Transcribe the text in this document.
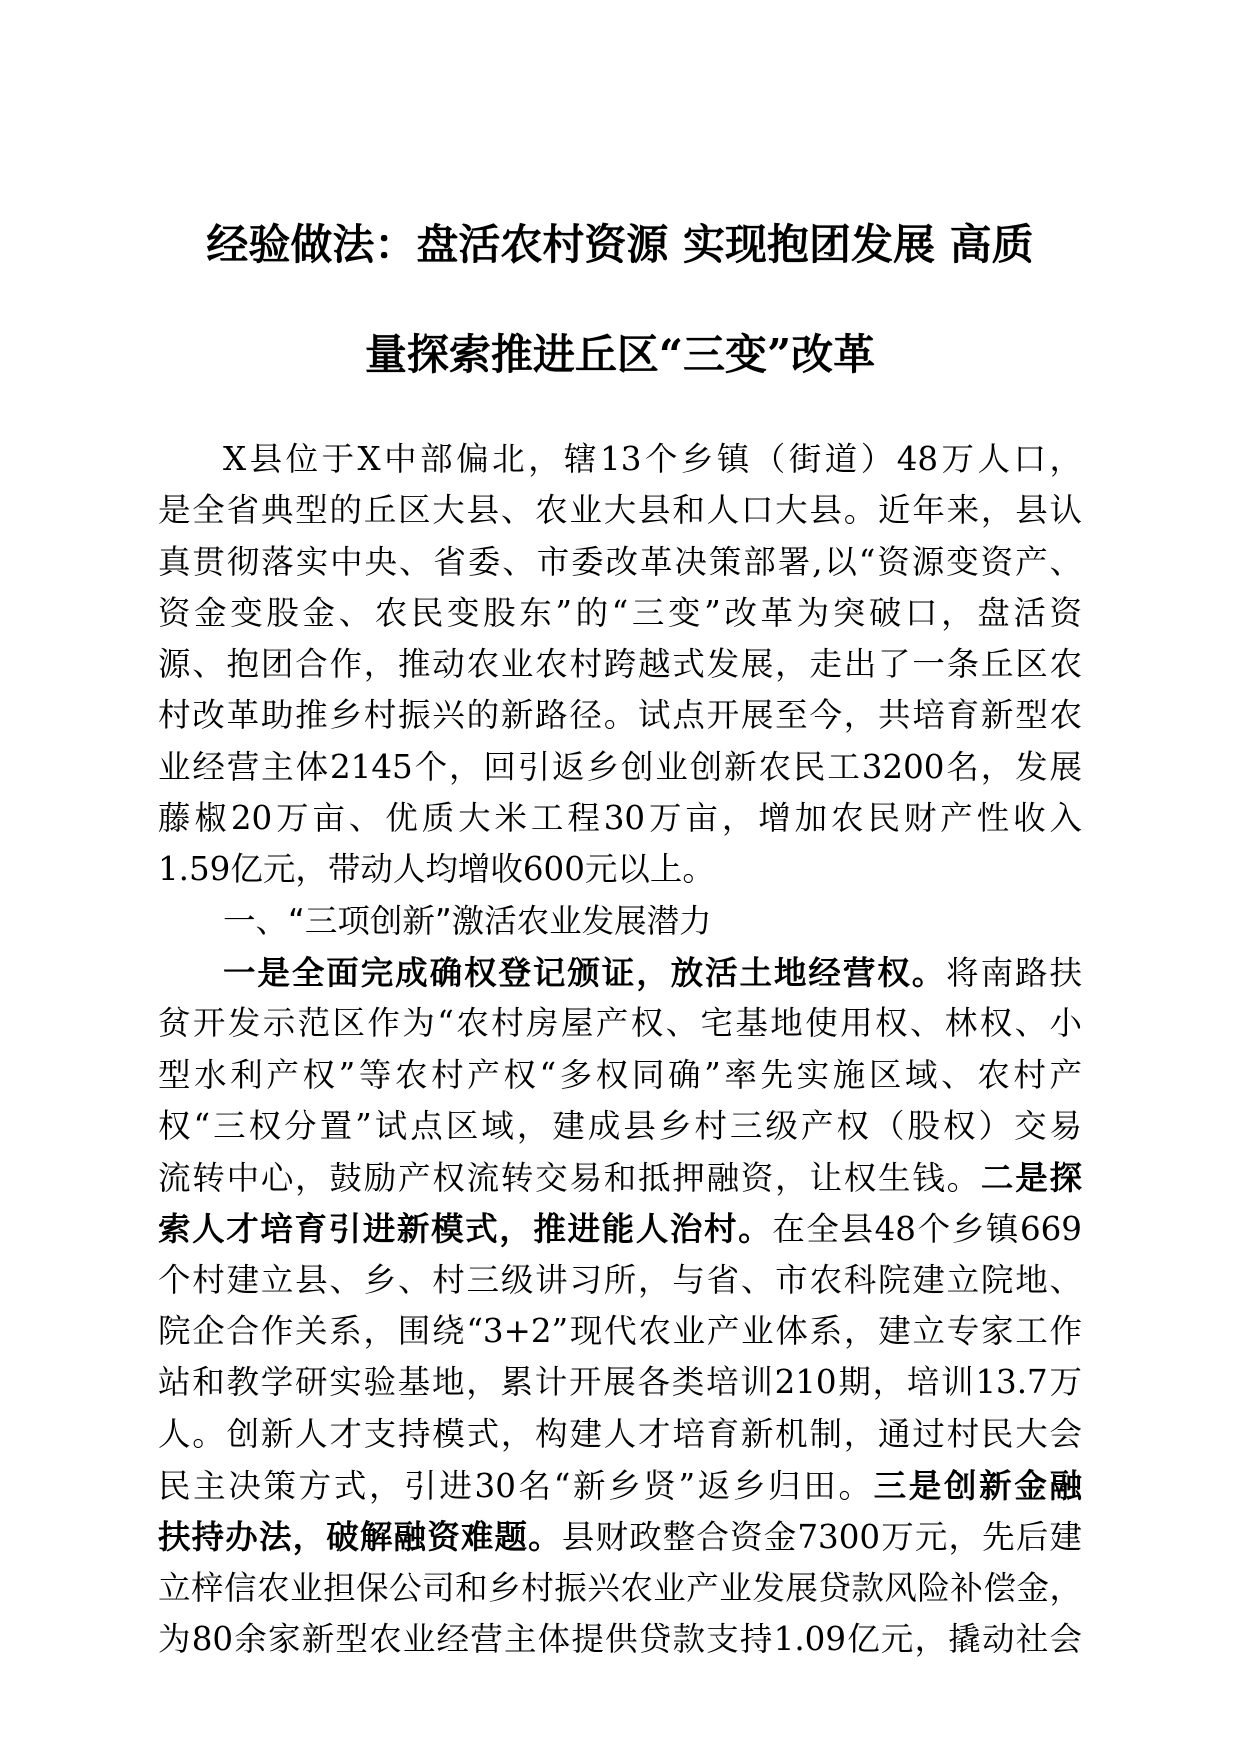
经验做法：盘活农村资源 实现抱团发展 高质
量探索推进丘区“三变”改革
X县位于X中部偏北，辖13个乡镇（街道）48万人口，
是全省典型的丘区大县、农业大县和人口大县。近年来，县认
真贯彻落实中央、省委、市委改革决策部署,以“资源变资产、
资金变股金、农民变股东”的“三变”改革为突破口，盘活资
源、抱团合作，推动农业农村跨越式发展，走出了一条丘区农
村改革助推乡村振兴的新路径。试点开展至今，共培育新型农
业经营主体2145个，回引返乡创业创新农民工3200名，发展
藤椒20万亩、优质大米工程30万亩，增加农民财产性收入
1.59亿元，带动人均增收600元以上。
一、“三项创新”激活农业发展潜力
一是全面完成确权登记颁证，放活土地经营权。将南路扶
贫开发示范区作为“农村房屋产权、宅基地使用权、林权、小
型水利产权”等农村产权“多权同确”率先实施区域、农村产
权“三权分置”试点区域，建成县乡村三级产权（股权）交易
流转中心，鼓励产权流转交易和抵押融资，让权生钱。二是探
索人才培育引进新模式，推进能人治村。在全县48个乡镇669
个村建立县、乡、村三级讲习所，与省、市农科院建立院地、
院企合作关系，围绕“3+2”现代农业产业体系，建立专家工作
站和教学研实验基地，累计开展各类培训210期，培训13.7万
人。创新人才支持模式，构建人才培育新机制，通过村民大会
民主决策方式，引进30名“新乡贤”返乡归田。三是创新金融
扶持办法，破解融资难题。县财政整合资金7300万元，先后建
立梓信农业担保公司和乡村振兴农业产业发展贷款风险补偿金，
为80余家新型农业经营主体提供贷款支持1.09亿元，撬动社会
